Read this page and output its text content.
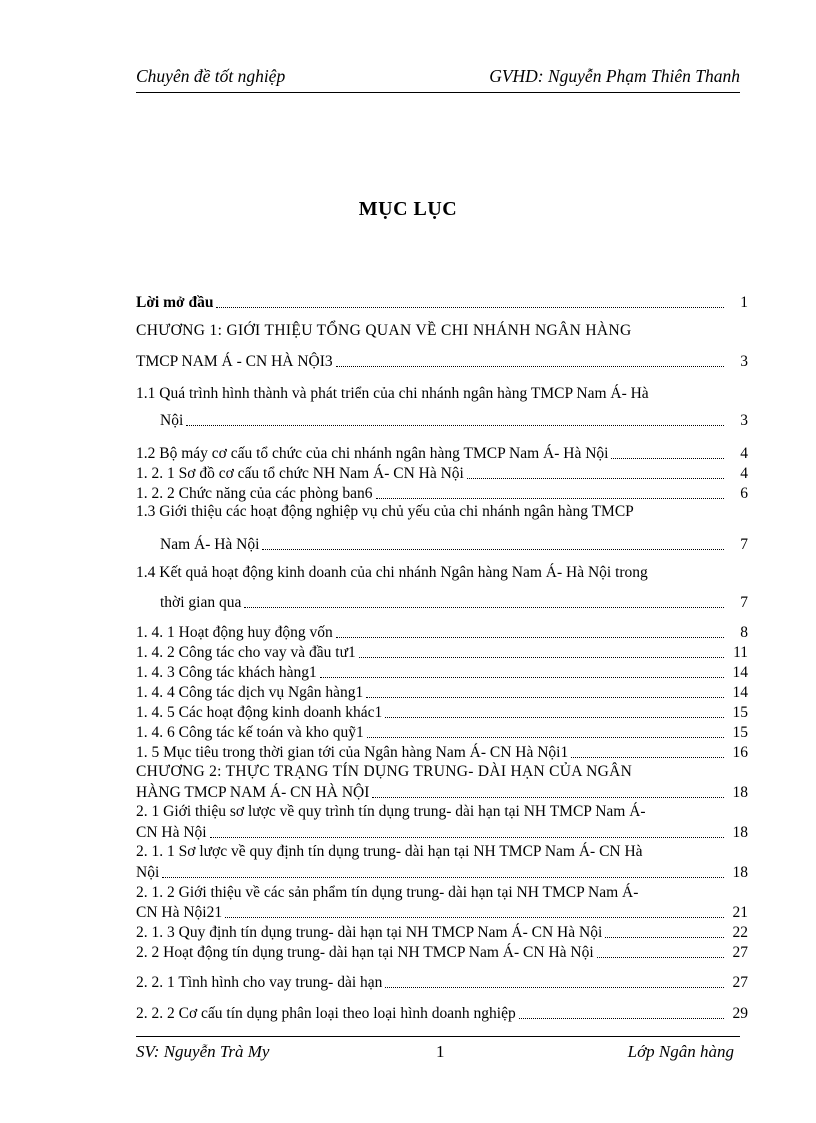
Chuyên đề tốt nghiệp	GVHD: Nguyễn Phạm Thiên Thanh
MỤC LỤC
Lời mở đầu	1
CHƯƠNG 1: GIỚI THIỆU TỔNG QUAN VỀ CHI NHÁNH NGÂN HÀNG
TMCP NAM Á - CN HÀ NỘI3	3
1.1 Quá trình hình thành và phát triển của chi nhánh ngân hàng TMCP Nam Á- Hà
Nội	3
1.2 Bộ máy cơ cấu tổ chức của chi nhánh ngân hàng TMCP Nam Á- Hà Nội	4
1. 2. 1 Sơ đồ cơ cấu tổ chức NH Nam Á- CN Hà Nội	4
1. 2. 2 Chức năng của các phòng ban6	6
1.3 Giới thiệu các hoạt động nghiệp vụ chủ yếu của chi nhánh ngân hàng TMCP
Nam Á- Hà Nội	7
1.4 Kết quả hoạt động kinh doanh của chi nhánh Ngân hàng Nam Á- Hà Nội trong
thời gian qua	7
1. 4. 1 Hoạt động huy động vốn	8
1. 4. 2 Công tác cho vay và đầu tư1	11
1. 4. 3 Công tác khách hàng1	14
1. 4. 4 Công tác dịch vụ Ngân hàng1	14
1. 4. 5 Các hoạt động kinh doanh khác1	15
1. 4. 6 Công tác kế toán và kho quỹ1	15
1. 5 Mục tiêu trong thời gian tới của Ngân hàng Nam Á- CN Hà Nội1	16
CHƯƠNG 2: THỰC TRẠNG TÍN DỤNG TRUNG- DÀI HẠN CỦA NGÂN
HÀNG TMCP NAM Á- CN HÀ NỘI	18
2. 1 Giới thiệu sơ lược về quy trình tín dụng trung- dài hạn tại NH TMCP Nam Á-
CN Hà Nội	18
2. 1. 1 Sơ lược về quy định tín dụng trung- dài hạn tại NH TMCP Nam Á- CN Hà
Nội	18
2. 1. 2 Giới thiệu về các sản phẩm tín dụng trung- dài hạn tại NH TMCP Nam Á-
CN Hà Nội21	21
2. 1. 3 Quy định tín dụng trung- dài hạn tại NH TMCP Nam Á- CN Hà Nội	22
2. 2 Hoạt động tín dụng trung- dài hạn tại NH TMCP Nam Á- CN Hà Nội	27
2. 2. 1 Tình hình cho vay trung- dài hạn	27
2. 2. 2 Cơ cấu tín dụng phân loại theo loại hình doanh nghiệp	29
SV: Nguyễn Trà My	1	Lớp Ngân hàng
